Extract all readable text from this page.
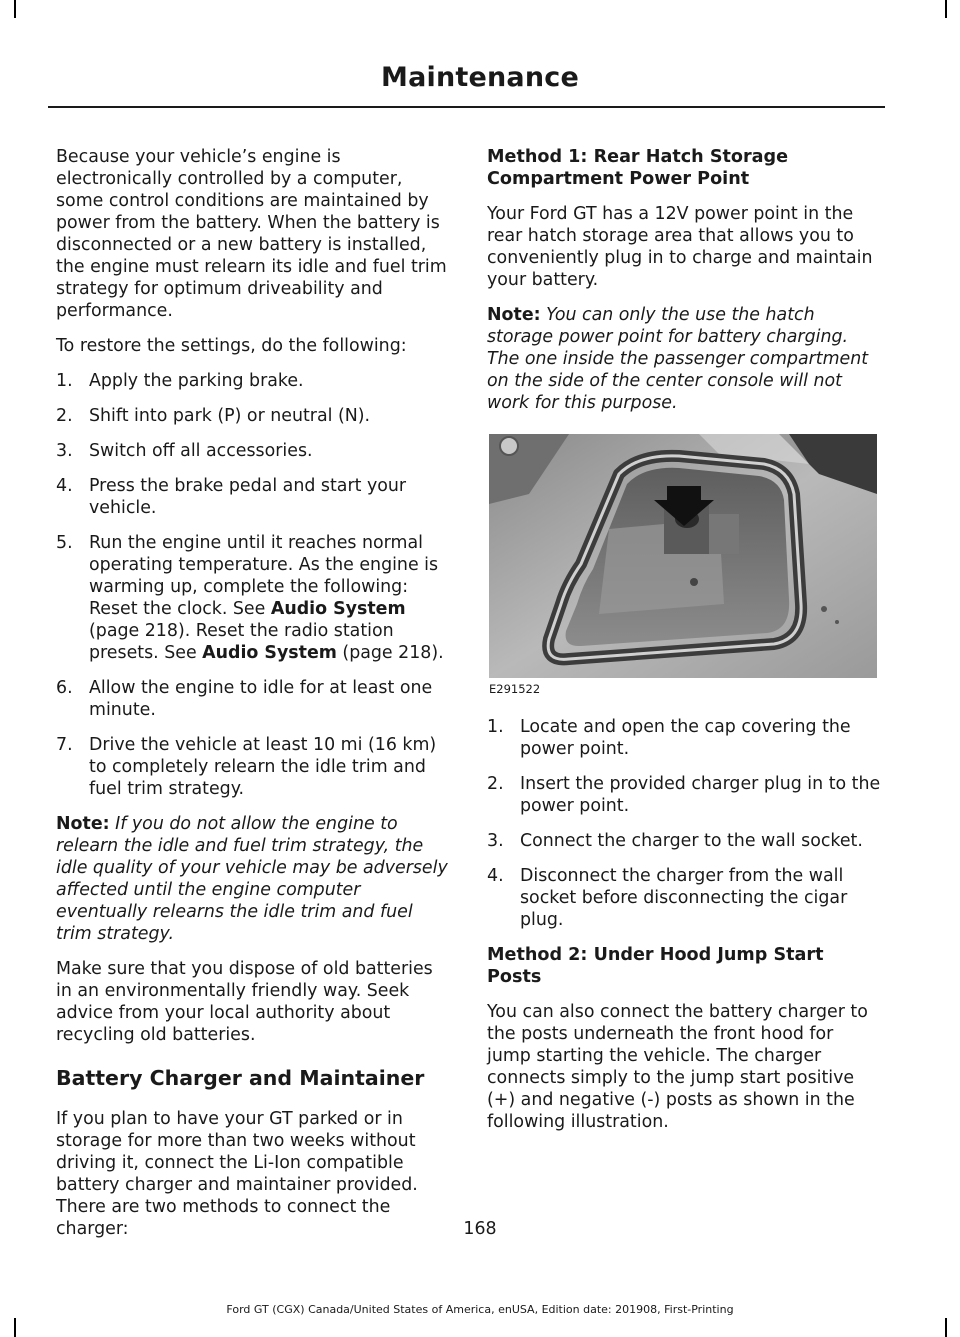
Maintenance

Because your vehicle’s engine is electronically controlled by a computer, some control conditions are maintained by power from the battery. When the battery is disconnected or a new battery is installed, the engine must relearn its idle and fuel trim strategy for optimum driveability and performance.

To restore the settings, do the following:

1. Apply the parking brake.
2. Shift into park (P) or neutral (N).
3. Switch off all accessories.
4. Press the brake pedal and start your vehicle.
5. Run the engine until it reaches normal operating temperature. As the engine is warming up, complete the following: Reset the clock. See Audio System (page 218). Reset the radio station presets. See Audio System (page 218).
6. Allow the engine to idle for at least one minute.
7. Drive the vehicle at least 10 mi (16 km) to completely relearn the idle trim and fuel trim strategy.

Note: If you do not allow the engine to relearn the idle and fuel trim strategy, the idle quality of your vehicle may be adversely affected until the engine computer eventually relearns the idle trim and fuel trim strategy.

Make sure that you dispose of old batteries in an environmentally friendly way. Seek advice from your local authority about recycling old batteries.

Battery Charger and Maintainer

If you plan to have your GT parked or in storage for more than two weeks without driving it, connect the Li-Ion compatible battery charger and maintainer provided. There are two methods to connect the charger:

Method 1: Rear Hatch Storage Compartment Power Point

Your Ford GT has a 12V power point in the rear hatch storage area that allows you to conveniently plug in to charge and maintain your battery.

Note: You can only the use the hatch storage power point for battery charging. The one inside the passenger compartment on the side of the center console will not work for this purpose.

E291522
1. Locate and open the cap covering the power point.
2. Insert the provided charger plug in to the power point.
3. Connect the charger to the wall socket.
4. Disconnect the charger from the wall socket before disconnecting the cigar plug.
Method 2: Under Hood Jump Start Posts

You can also connect the battery charger to the posts underneath the front hood for jump starting the vehicle. The charger connects simply to the jump start positive (+) and negative (-) posts as shown in the following illustration.

168
Ford GT (CGX) Canada/United States of America, enUSA, Edition date: 201908, First-Printing
